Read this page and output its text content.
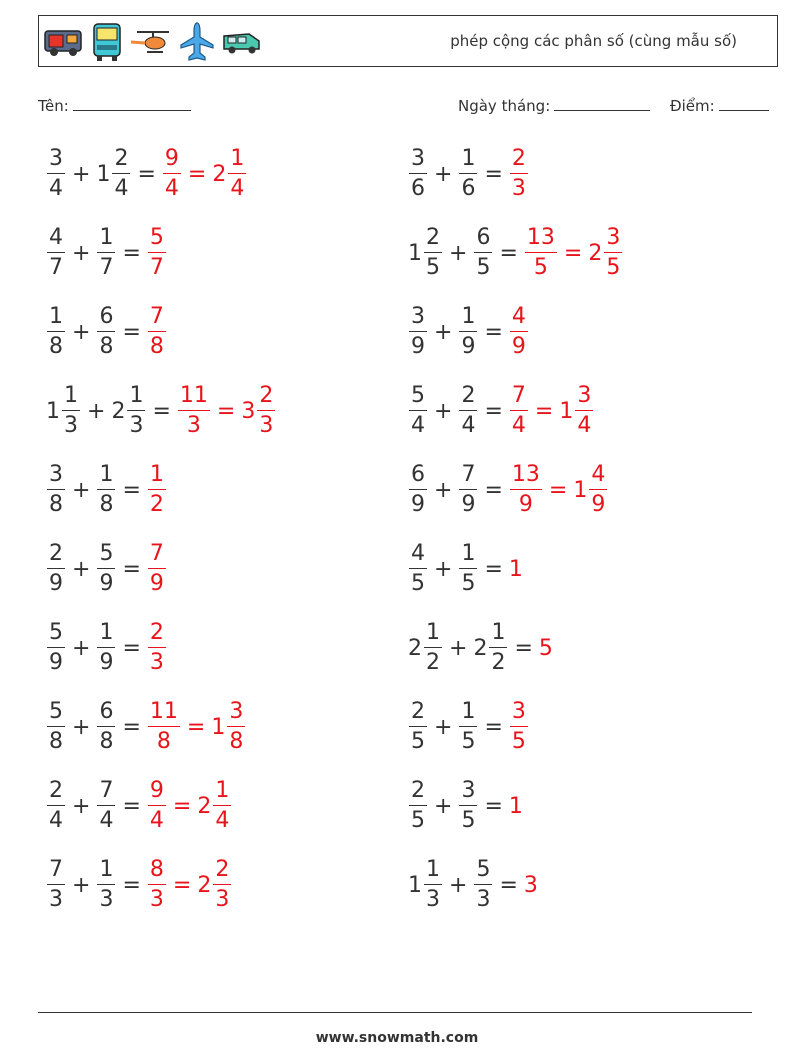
phép cộng các phân số (cùng mẫu số)
Tên:	Ngày tháng:	Điểm:
$\frac{3}{4} + 1 \frac{2}{4} = \frac{9}{4} = 2 \frac{1}{4}$	$\frac{3}{6} + \frac{1}{6} = \frac{2}{3}$
$\frac{4}{7} + \frac{1}{7} = \frac{5}{7}$	$1 \frac{2}{5} + \frac{6}{5} = \frac{13}{5} = 2 \frac{3}{5}$
$\frac{1}{8} + \frac{6}{8} = \frac{7}{8}$	$\frac{3}{9} + \frac{1}{9} = \frac{4}{9}$
$1 \frac{1}{3} + 2 \frac{1}{3} = \frac{11}{3} = 3 \frac{2}{3}$	$\frac{5}{4} + \frac{2}{4} = \frac{7}{4} = 1 \frac{3}{4}$
$\frac{3}{8} + \frac{1}{8} = \frac{1}{2}$	$\frac{6}{9} + \frac{7}{9} = \frac{13}{9} = 1 \frac{4}{9}$
$\frac{2}{9} + \frac{5}{9} = \frac{7}{9}$	$\frac{4}{5} + \frac{1}{5} = 1$
$\frac{5}{9} + \frac{1}{9} = \frac{2}{3}$	$2 \frac{1}{2} + 2 \frac{1}{2} = 5$
$\frac{5}{8} + \frac{6}{8} = \frac{11}{8} = 1 \frac{3}{8}$	$\frac{2}{5} + \frac{1}{5} = \frac{3}{5}$
$\frac{2}{4} + \frac{7}{4} = \frac{9}{4} = 2 \frac{1}{4}$	$\frac{2}{5} + \frac{3}{5} = 1$
$\frac{7}{3} + \frac{1}{3} = \frac{8}{3} = 2 \frac{2}{3}$	$1 \frac{1}{3} + \frac{5}{3} = 3$
www.snowmath.com
